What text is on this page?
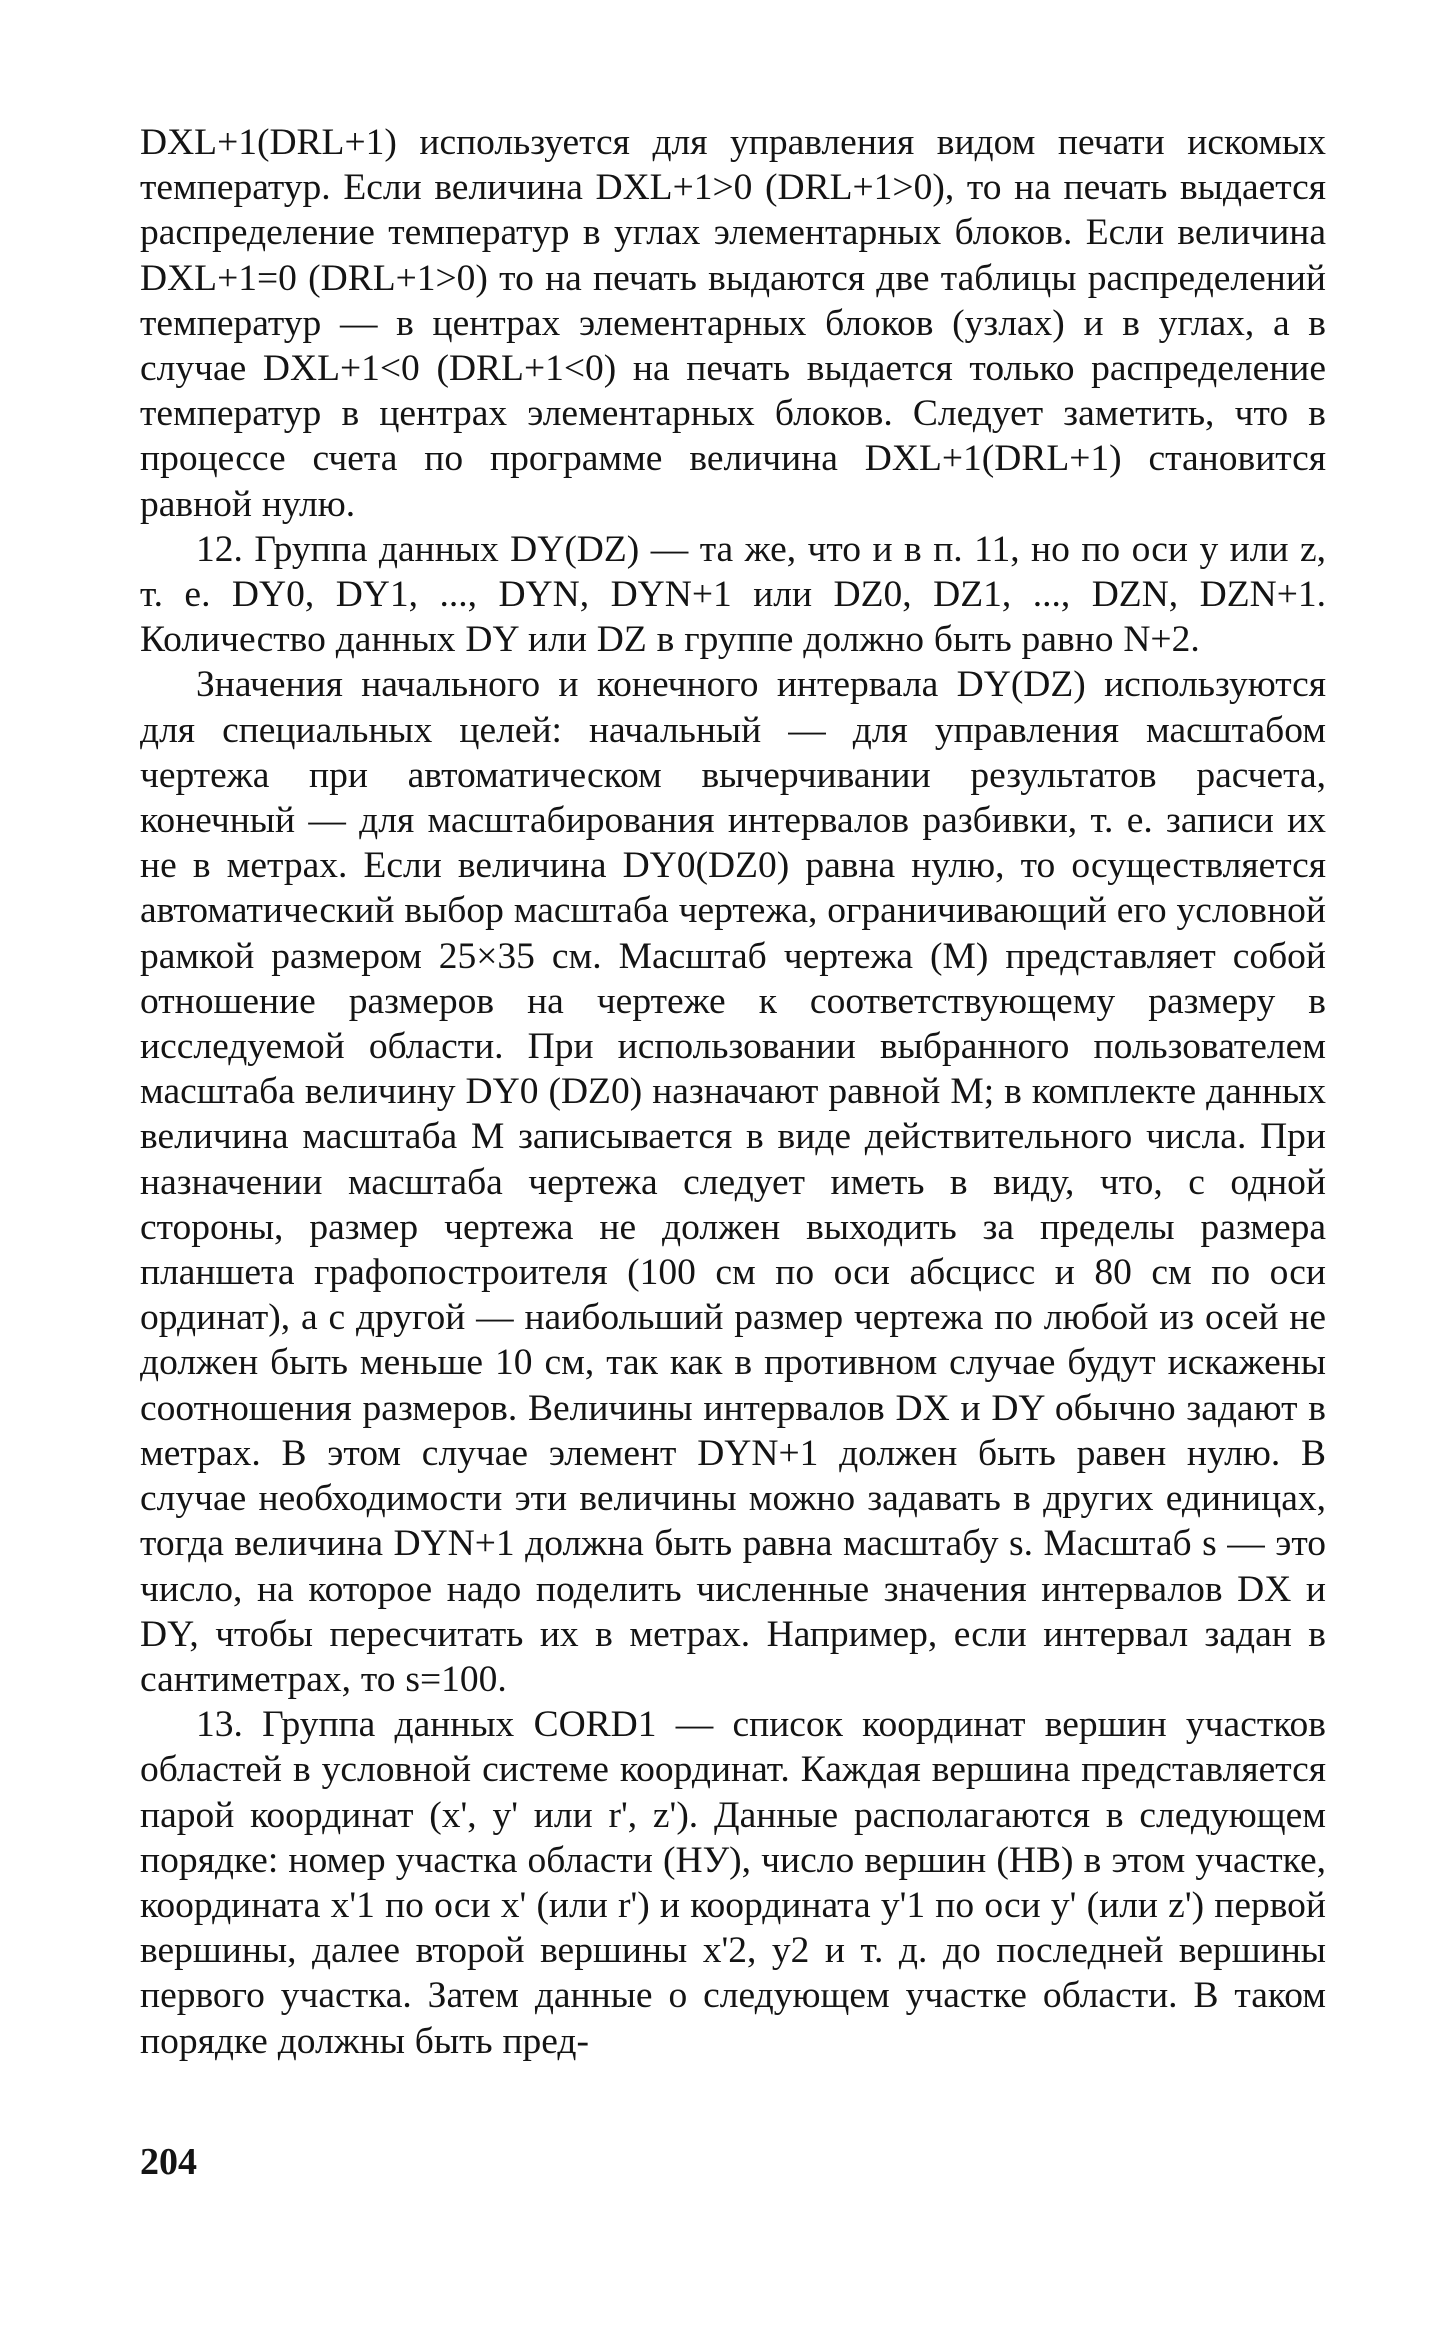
DXL+1(DRL+1) используется для управления видом печати искомых температур. Если величина DXL+1>0 (DRL+1>0), то на печать выдается распределение температур в углах элементарных блоков. Если величина DXL+1=0 (DRL+1>0) то на печать выдаются две таблицы распределений температур — в центрах элементарных блоков (узлах) и в углах, а в случае DXL+1<0 (DRL+1<0) на печать выдается только распределение температур в центрах элементарных блоков. Следует заметить, что в процессе счета по программе величина DXL+1(DRL+1) становится равной нулю.

12. Группа данных DY(DZ) — та же, что и в п. 11, но по оси y или z, т. е. DY0, DY1, ..., DYN, DYN+1 или DZ0, DZ1, ..., DZN, DZN+1. Количество данных DY или DZ в группе должно быть равно N+2.

Значения начального и конечного интервала DY(DZ) используются для специальных целей: начальный — для управления масштабом чертежа при автоматическом вычерчивании результатов расчета, конечный — для масштабирования интервалов разбивки, т. е. записи их не в метрах. Если величина DY0(DZ0) равна нулю, то осуществляется автоматический выбор масштаба чертежа, ограничивающий его условной рамкой размером 25×35 см. Масштаб чертежа (М) представляет собой отношение размеров на чертеже к соответствующему размеру в исследуемой области. При использовании выбранного пользователем масштаба величину DY0 (DZ0) назначают равной M; в комплекте данных величина масштаба M записывается в виде действительного числа. При назначении масштаба чертежа следует иметь в виду, что, с одной стороны, размер чертежа не должен выходить за пределы размера планшета графопостроителя (100 см по оси абсцисс и 80 см по оси ординат), а с другой — наибольший размер чертежа по любой из осей не должен быть меньше 10 см, так как в противном случае будут искажены соотношения размеров. Величины интервалов DX и DY обычно задают в метрах. В этом случае элемент DYN+1 должен быть равен нулю. В случае необходимости эти величины можно задавать в других единицах, тогда величина DYN+1 должна быть равна масштабу s. Масштаб s — это число, на которое надо поделить численные значения интервалов DX и DY, чтобы пересчитать их в метрах. Например, если интервал задан в сантиметрах, то s=100.

13. Группа данных CORD1 — список координат вершин участков областей в условной системе координат. Каждая вершина представляется парой координат (x', y' или r', z'). Данные располагаются в следующем порядке: номер участка области (НУ), число вершин (НВ) в этом участке, координата x'1 по оси x' (или r') и координата y'1 по оси y' (или z') первой вершины, далее второй вершины x'2, y2 и т. д. до последней вершины первого участка. Затем данные о следующем участке области. В таком порядке должны быть пред-

204
